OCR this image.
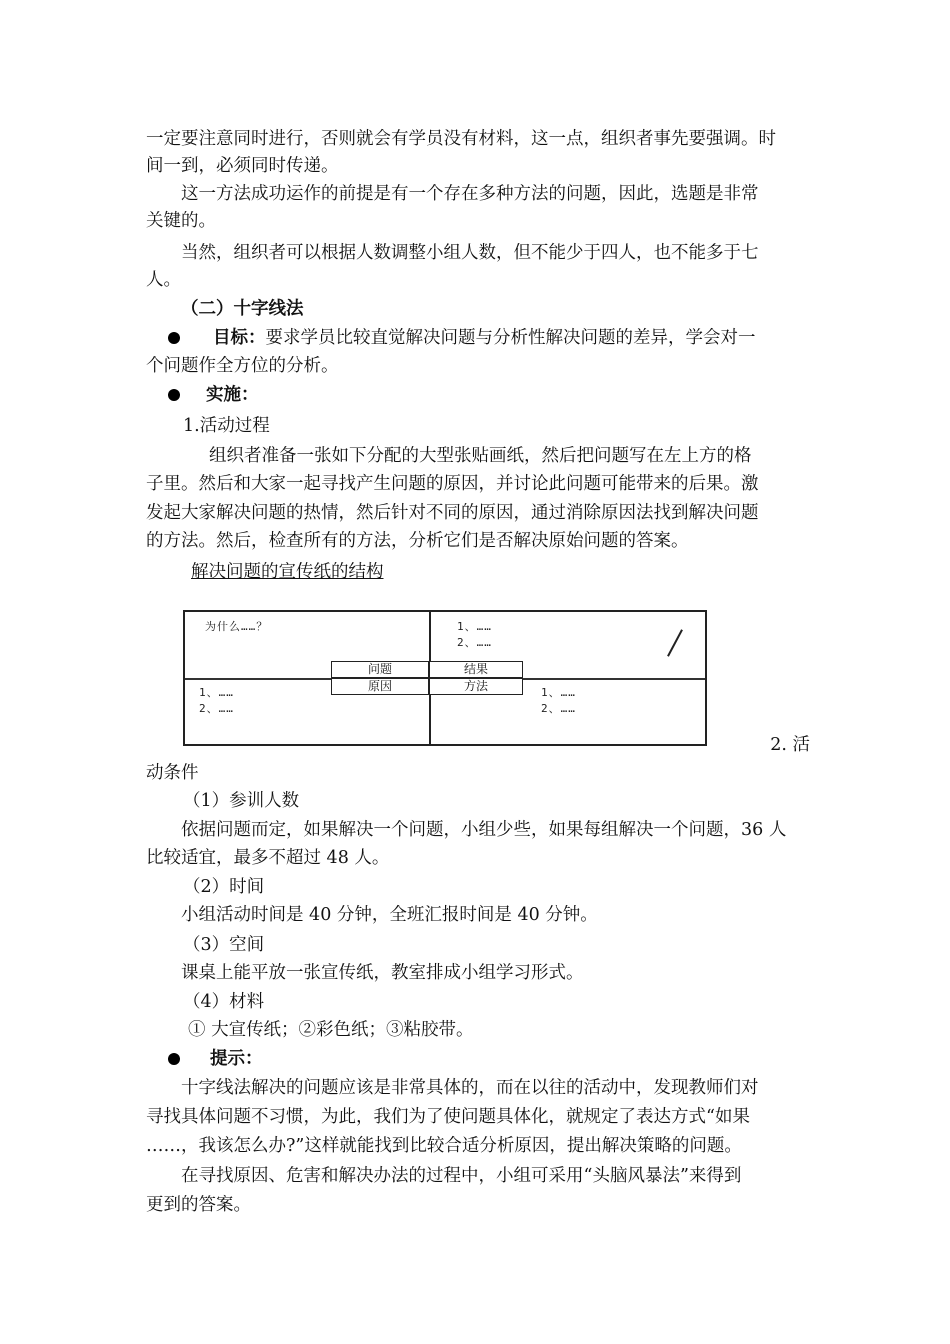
一定要注意同时进行，否则就会有学员没有材料，这一点，组织者事先要强调。时
间一到，必须同时传递。
这一方法成功运作的前提是有一个存在多种方法的问题，因此，选题是非常
关键的。
当然，组织者可以根据人数调整小组人数，但不能少于四人，也不能多于七
人。
（二）十字线法
目标：要求学员比较直觉解决问题与分析性解决问题的差异，学会对一
个问题作全方位的分析。
实施：
1.活动过程
组织者准备一张如下分配的大型张贴画纸，然后把问题写在左上方的格
子里。然后和大家一起寻找产生问题的原因，并讨论此问题可能带来的后果。激
发起大家解决问题的热情，然后针对不同的原因，通过消除原因法找到解决问题
的方法。然后，检查所有的方法，分析它们是否解决原始问题的答案。
解决问题的宣传纸的结构
为什么……？	1、……
2、……
1、……
2、……
1、……
2、……
问题	结果
原因	方法
2. 活
动条件
（1）参训人数
依据问题而定，如果解决一个问题，小组少些，如果每组解决一个问题，36 人
比较适宜，最多不超过 48 人。
（2）时间
小组活动时间是 40 分钟，全班汇报时间是 40 分钟。
（3）空间
课桌上能平放一张宣传纸，教室排成小组学习形式。
（4）材料
① 大宣传纸；②彩色纸；③粘胶带。
提示：
十字线法解决的问题应该是非常具体的，而在以往的活动中，发现教师们对
寻找具体问题不习惯，为此，我们为了使问题具体化，就规定了表达方式“如果
……，我该怎么办?”这样就能找到比较合适分析原因，提出解决策略的问题。
在寻找原因、危害和解决办法的过程中，小组可采用“头脑风暴法”来得到
更到的答案。
